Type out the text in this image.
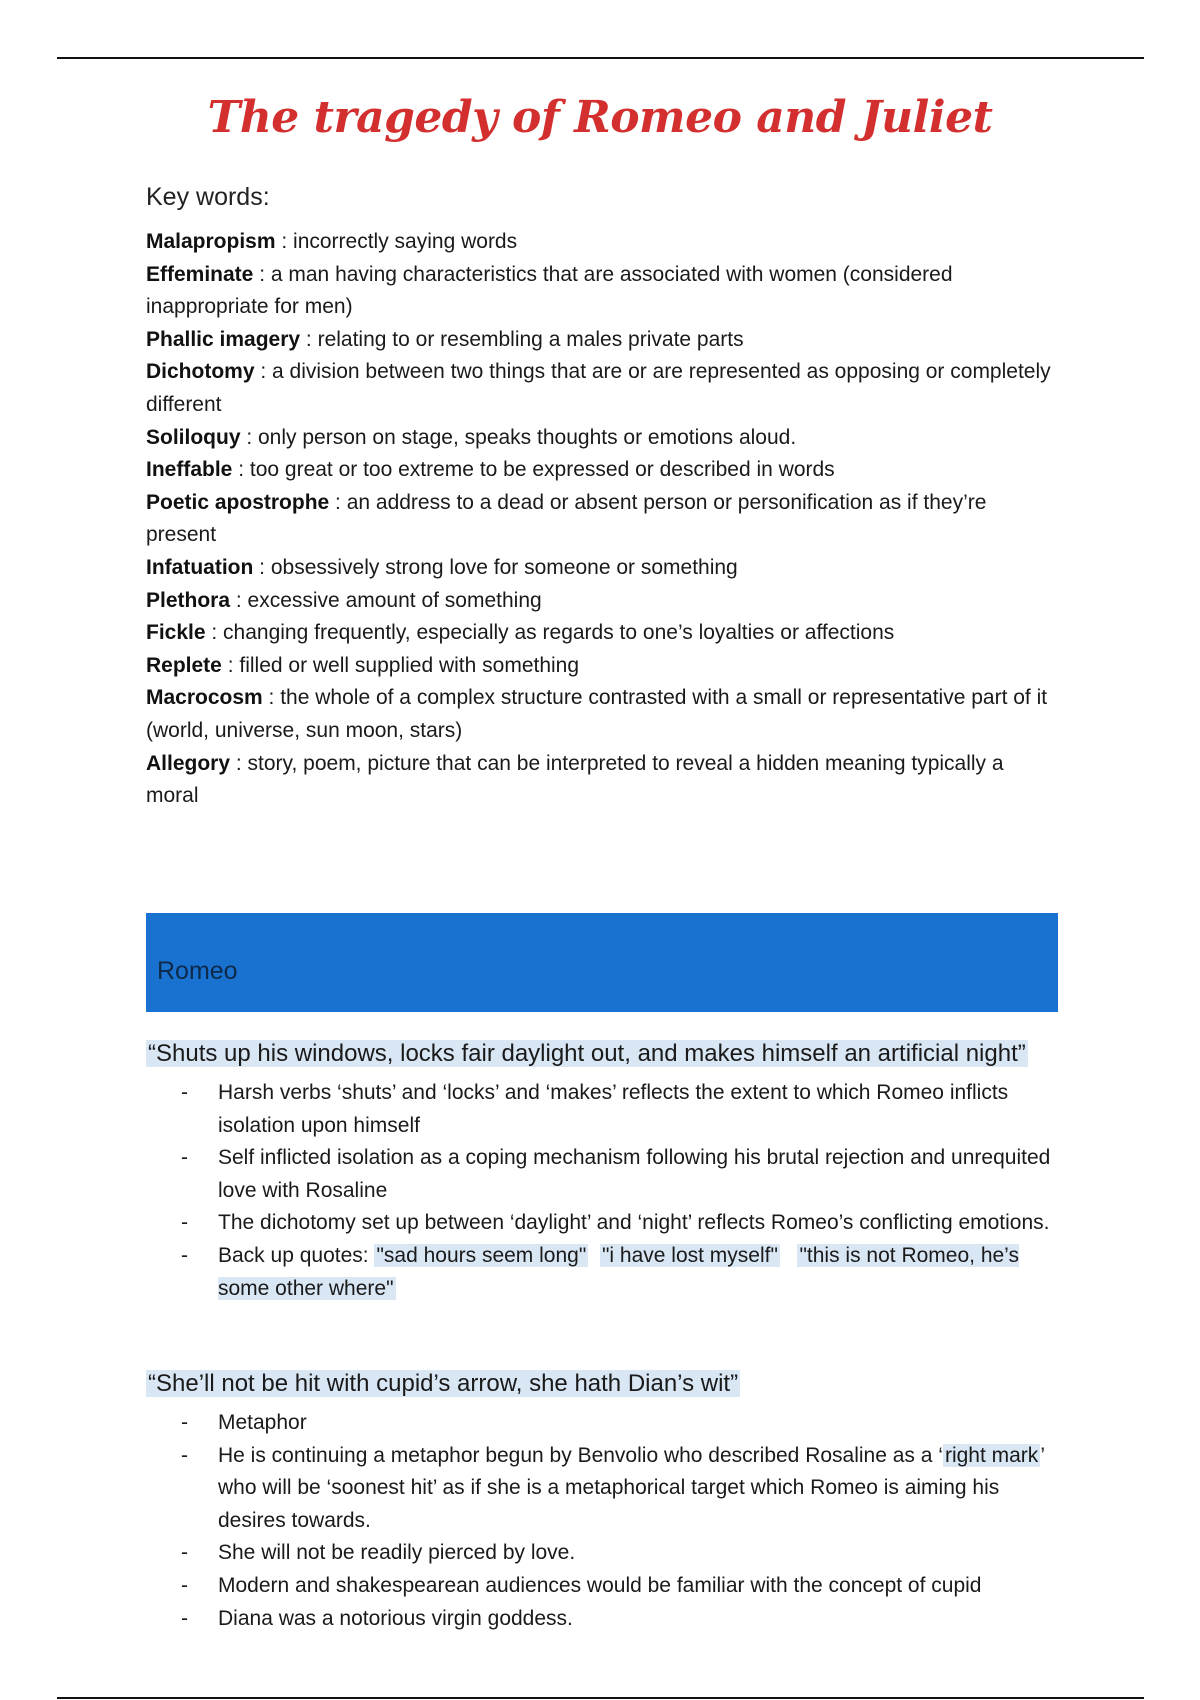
The tragedy of Romeo and Juliet
Key words:

Malapropism : incorrectly saying words

Effeminate : a man having characteristics that are associated with women (considered inappropriate for men)

Phallic imagery : relating to or resembling a males private parts

Dichotomy : a division between two things that are or are represented as opposing or completely different

Soliloquy : only person on stage, speaks thoughts or emotions aloud.

Ineffable : too great or too extreme to be expressed or described in words

Poetic apostrophe : an address to a dead or absent person or personification as if they’re present

Infatuation : obsessively strong love for someone or something

Plethora : excessive amount of something

Fickle : changing frequently, especially as regards to one’s loyalties or affections

Replete : filled or well supplied with something

Macrocosm : the whole of a complex structure contrasted with a small or representative part of it (world, universe, sun moon, stars)

Allegory : story, poem, picture that can be interpreted to reveal a hidden meaning typically a moral

Romeo
“Shuts up his windows, locks fair daylight out, and makes himself an artificial night”

- Harsh verbs ‘shuts’ and ‘locks’ and ‘makes’ reflects the extent to which Romeo inflicts isolation upon himself

- Self inflicted isolation as a coping mechanism following his brutal rejection and unrequited love with Rosaline

- The dichotomy set up between ‘daylight’ and ‘night’ reflects Romeo’s conflicting emotions.

- Back up quotes: "sad hours seem long" "i have lost myself" "this is not Romeo, he’s some other where"

“She’ll not be hit with cupid’s arrow, she hath Dian’s wit”

- Metaphor

- He is continuing a metaphor begun by Benvolio who described Rosaline as a ‘right mark’ who will be ‘soonest hit’ as if she is a metaphorical target which Romeo is aiming his desires towards.

- She will not be readily pierced by love.

- Modern and shakespearean audiences would be familiar with the concept of cupid

- Diana was a notorious virgin goddess.
